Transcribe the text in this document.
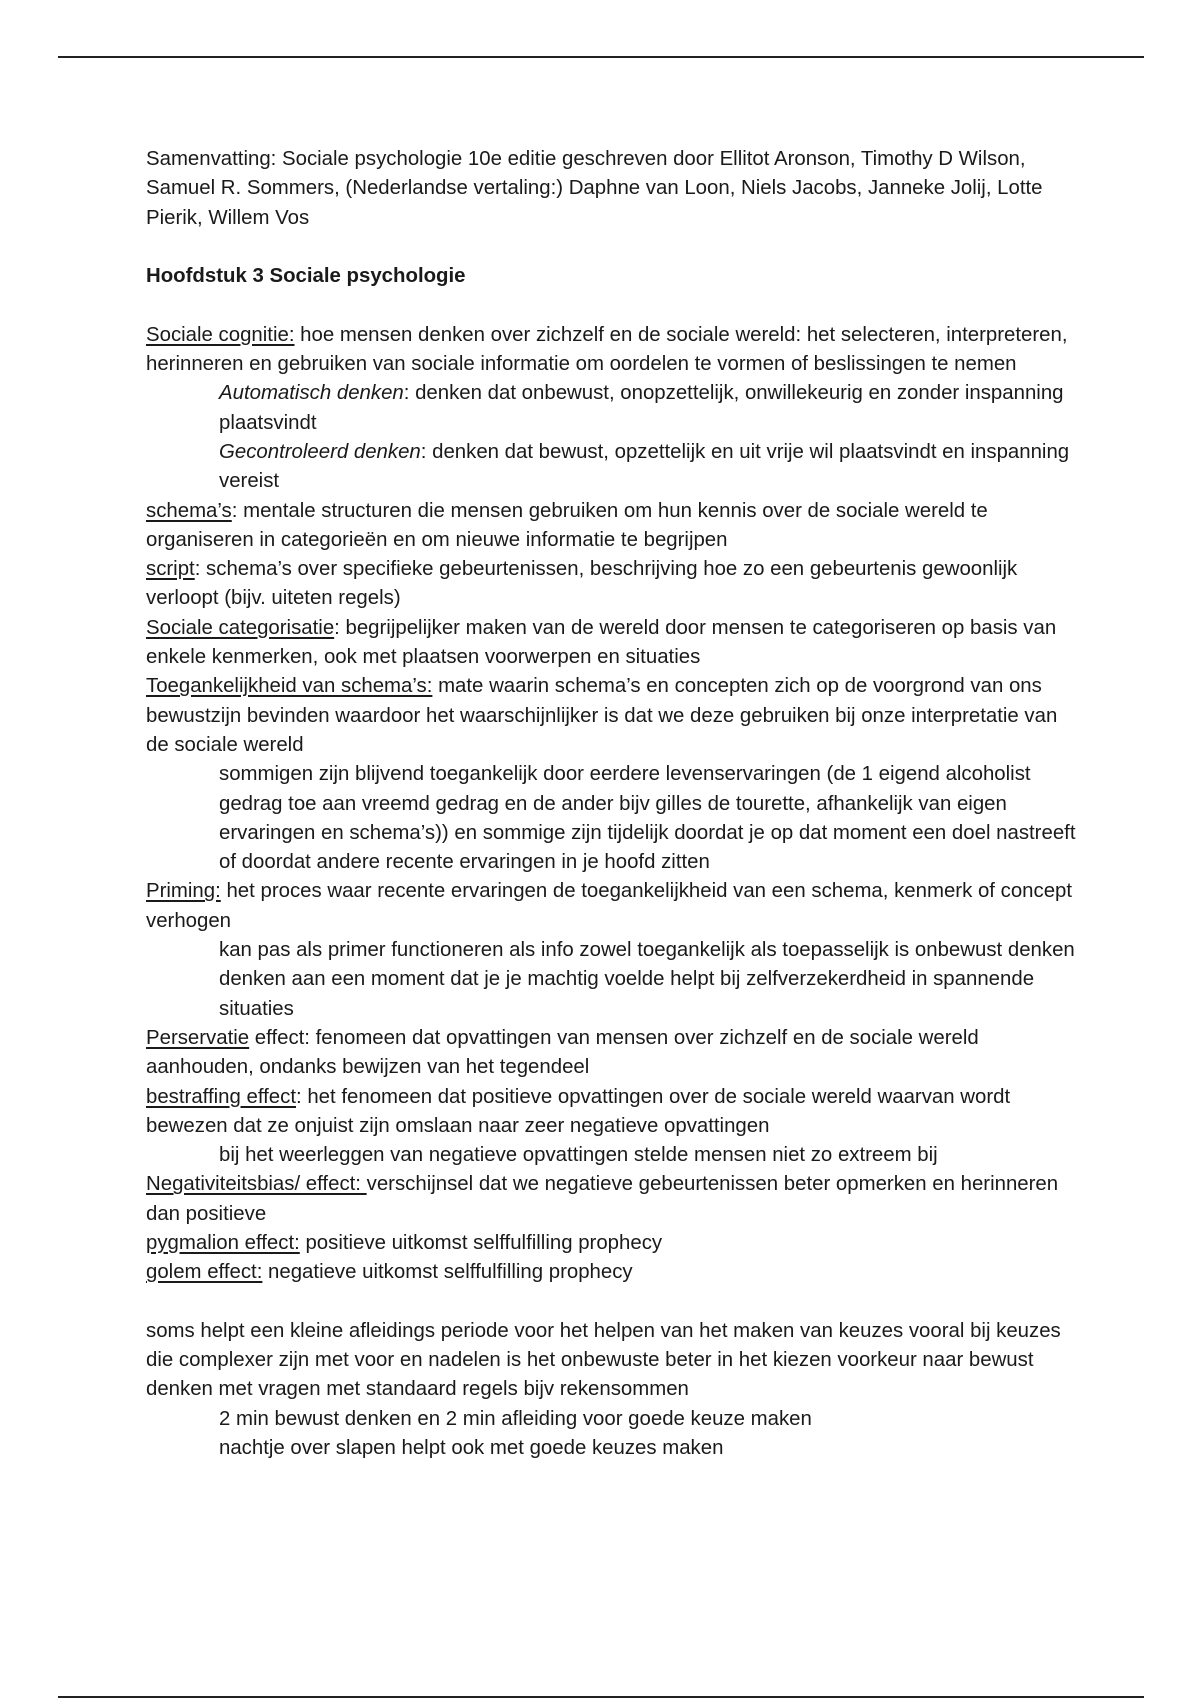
Samenvatting: Sociale psychologie 10e editie geschreven door Ellitot Aronson, Timothy D Wilson, Samuel R. Sommers, (Nederlandse vertaling:) Daphne van Loon, Niels Jacobs, Janneke Jolij, Lotte Pierik, Willem Vos

Hoofdstuk 3 Sociale psychologie

Sociale cognitie: hoe mensen denken over zichzelf en de sociale wereld: het selecteren, interpreteren, herinneren en gebruiken van sociale informatie om oordelen te vormen of beslissingen te nemen

Automatisch denken: denken dat onbewust, onopzettelijk, onwillekeurig en zonder inspanning plaatsvindt

Gecontroleerd denken: denken dat bewust, opzettelijk en uit vrije wil plaatsvindt en inspanning vereist

schema’s: mentale structuren die mensen gebruiken om hun kennis over de sociale wereld te organiseren in categorieën en om nieuwe informatie te begrijpen

script: schema’s over specifieke gebeurtenissen, beschrijving hoe zo een gebeurtenis gewoonlijk verloopt (bijv. uiteten regels)

Sociale categorisatie: begrijpelijker maken van de wereld door mensen te categoriseren op basis van enkele kenmerken, ook met plaatsen voorwerpen en situaties

Toegankelijkheid van schema’s: mate waarin schema’s en concepten zich op de voorgrond van ons bewustzijn bevinden waardoor het waarschijnlijker is dat we deze gebruiken bij onze interpretatie van de sociale wereld

sommigen zijn blijvend toegankelijk door eerdere levenservaringen (de 1 eigend alcoholist gedrag toe aan vreemd gedrag en de ander bijv gilles de tourette, afhankelijk van eigen ervaringen en schema’s)) en sommige zijn tijdelijk doordat je op dat moment een doel nastreeft of doordat andere recente ervaringen in je hoofd zitten

Priming: het proces waar recente ervaringen de toegankelijkheid van een schema, kenmerk of concept verhogen

kan pas als primer functioneren als info zowel toegankelijk als toepasselijk is onbewust denken

denken aan een moment dat je je machtig voelde helpt bij zelfverzekerdheid in spannende situaties

Perservatie effect: fenomeen dat opvattingen van mensen over zichzelf en de sociale wereld aanhouden, ondanks bewijzen van het tegendeel

bestraffing effect: het fenomeen dat positieve opvattingen over de sociale wereld waarvan wordt bewezen dat ze onjuist zijn omslaan naar zeer negatieve opvattingen

bij het weerleggen van negatieve opvattingen stelde mensen niet zo extreem bij

Negativiteitsbias/ effect: verschijnsel dat we negatieve gebeurtenissen beter opmerken en herinneren dan positieve

pygmalion effect: positieve uitkomst selffulfilling prophecy

golem effect: negatieve uitkomst selffulfilling prophecy

soms helpt een kleine afleidings periode voor het helpen van het maken van keuzes vooral bij keuzes die complexer zijn met voor en nadelen is het onbewuste beter in het kiezen voorkeur naar bewust denken met vragen met standaard regels bijv rekensommen

2 min bewust denken en 2 min afleiding voor goede keuze maken

nachtje over slapen helpt ook met goede keuzes maken
